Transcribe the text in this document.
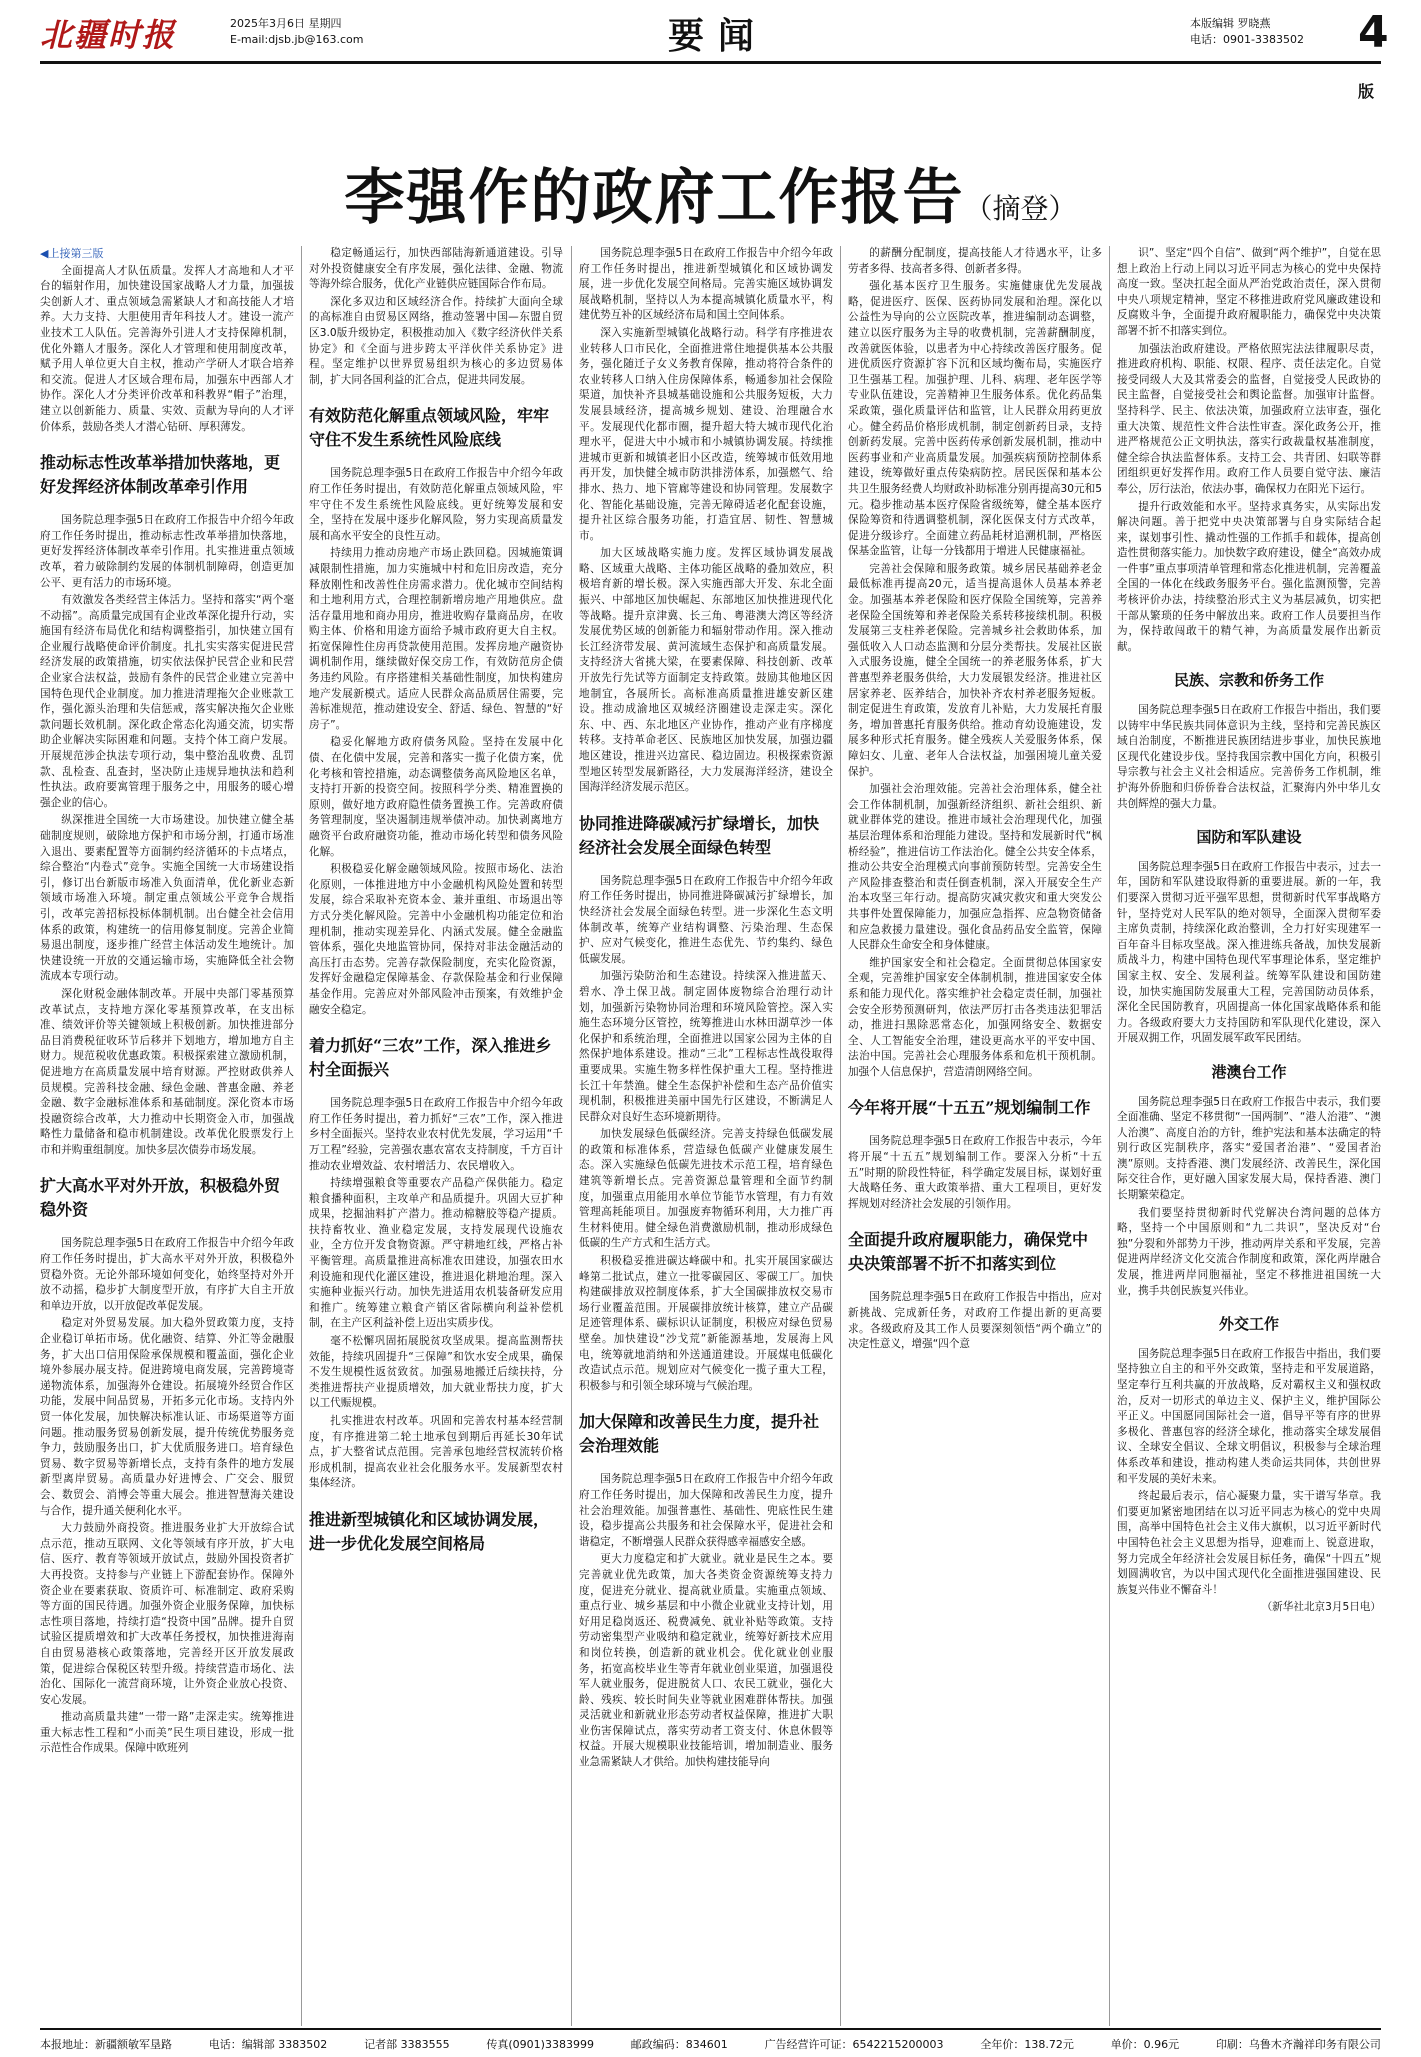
北疆时报	2025年3月6日 星期四
E-mail:djsb.jb@163.com	要闻	本版编辑 罗晓燕
电话：0901-3383502 4版
李强作的政府工作报告（摘登）
◀上接第三版

全面提高人才队伍质量。发挥人才高地和人才平台的辐射作用，加快建设国家战略人才力量，加强拔尖创新人才、重点领域急需紧缺人才和高技能人才培养。大力支持、大胆使用青年科技人才。建设一流产业技术工人队伍。完善海外引进人才支持保障机制，优化外籍人才服务。深化人才管理和使用制度改革，赋予用人单位更大自主权，推动产学研人才联合培养和交流。促进人才区域合理布局，加强东中西部人才协作。深化人才分类评价改革和科教界“帽子”治理，建立以创新能力、质量、实效、贡献为导向的人才评价体系，鼓励各类人才潜心钻研、厚积薄发。

推动标志性改革举措加快落地，更好发挥经济体制改革牵引作用

国务院总理李强5日在政府工作报告中介绍今年政府工作任务时提出，推动标志性改革举措加快落地，更好发挥经济体制改革牵引作用。扎实推进重点领域改革，着力破除制约发展的体制机制障碍，创造更加公平、更有活力的市场环境。

有效激发各类经营主体活力。坚持和落实“两个毫不动摇”。高质量完成国有企业改革深化提升行动，实施国有经济布局优化和结构调整指引，加快建立国有企业履行战略使命评价制度。扎扎实实落实促进民营经济发展的政策措施，切实依法保护民营企业和民营企业家合法权益，鼓励有条件的民营企业建立完善中国特色现代企业制度。加力推进清理拖欠企业账款工作，强化源头治理和失信惩戒，落实解决拖欠企业账款问题长效机制。深化政企常态化沟通交流，切实帮助企业解决实际困难和问题。支持个体工商户发展。开展规范涉企执法专项行动，集中整治乱收费、乱罚款、乱检查、乱查封，坚决防止违规异地执法和趋利性执法。政府要寓管理于服务之中，用服务的暖心增强企业的信心。

纵深推进全国统一大市场建设。加快建立健全基础制度规则，破除地方保护和市场分割，打通市场准入退出、要素配置等方面制约经济循环的卡点堵点，综合整治“内卷式”竞争。实施全国统一大市场建设指引，修订出台新版市场准入负面清单，优化新业态新领域市场准入环境。制定重点领域公平竞争合规指引，改革完善招标投标体制机制。出台健全社会信用体系的政策，构建统一的信用修复制度。完善企业简易退出制度，逐步推广经营主体活动发生地统计。加快建设统一开放的交通运输市场，实施降低全社会物流成本专项行动。

深化财税金融体制改革。开展中央部门零基预算改革试点，支持地方深化零基预算改革，在支出标准、绩效评价等关键领域上积极创新。加快推进部分品目消费税征收环节后移并下划地方，增加地方自主财力。规范税收优惠政策。积极探索建立激励机制，促进地方在高质量发展中培育财源。严控财政供养人员规模。完善科技金融、绿色金融、普惠金融、养老金融、数字金融标准体系和基础制度。深化资本市场投融资综合改革，大力推动中长期资金入市，加强战略性力量储备和稳市机制建设。改革优化股票发行上市和并购重组制度。加快多层次债券市场发展。

扩大高水平对外开放，积极稳外贸稳外资

国务院总理李强5日在政府工作报告中介绍今年政府工作任务时提出，扩大高水平对外开放，积极稳外贸稳外资。无论外部环境如何变化，始终坚持对外开放不动摇，稳步扩大制度型开放，有序扩大自主开放和单边开放，以开放促改革促发展。

稳定对外贸易发展。加大稳外贸政策力度，支持企业稳订单拓市场。优化融资、结算、外汇等金融服务，扩大出口信用保险承保规模和覆盖面，强化企业境外参展办展支持。促进跨境电商发展，完善跨境寄递物流体系，加强海外仓建设。拓展境外经贸合作区功能，发展中间品贸易，开拓多元化市场。支持内外贸一体化发展，加快解决标准认证、市场渠道等方面问题。推动服务贸易创新发展，提升传统优势服务竞争力，鼓励服务出口，扩大优质服务进口。培育绿色贸易、数字贸易等新增长点，支持有条件的地方发展新型离岸贸易。高质量办好进博会、广交会、服贸会、数贸会、消博会等重大展会。推进智慧海关建设与合作，提升通关便利化水平。

大力鼓励外商投资。推进服务业扩大开放综合试点示范，推动互联网、文化等领域有序开放，扩大电信、医疗、教育等领域开放试点，鼓励外国投资者扩大再投资。支持参与产业链上下游配套协作。保障外资企业在要素获取、资质许可、标准制定、政府采购等方面的国民待遇。加强外资企业服务保障，加快标志性项目落地，持续打造“投资中国”品牌。提升自贸试验区提质增效和扩大改革任务授权，加快推进海南自由贸易港核心政策落地，完善经开区开放发展政策，促进综合保税区转型升级。持续营造市场化、法治化、国际化一流营商环境，让外资企业放心投资、安心发展。

推动高质量共建“一带一路”走深走实。统筹推进重大标志性工程和“小而美”民生项目建设，形成一批示范性合作成果。保障中欧班列

稳定畅通运行，加快西部陆海新通道建设。引导对外投资健康安全有序发展，强化法律、金融、物流等海外综合服务，优化产业链供应链国际合作布局。

深化多双边和区域经济合作。持续扩大面向全球的高标准自由贸易区网络，推动签署中国—东盟自贸区3.0版升级协定，积极推动加入《数字经济伙伴关系协定》和《全面与进步跨太平洋伙伴关系协定》进程。坚定维护以世界贸易组织为核心的多边贸易体制，扩大同各国利益的汇合点，促进共同发展。

有效防范化解重点领域风险，牢牢守住不发生系统性风险底线

国务院总理李强5日在政府工作报告中介绍今年政府工作任务时提出，有效防范化解重点领域风险，牢牢守住不发生系统性风险底线。更好统筹发展和安全，坚持在发展中逐步化解风险，努力实现高质量发展和高水平安全的良性互动。

持续用力推动房地产市场止跌回稳。因城施策调减限制性措施，加力实施城中村和危旧房改造，充分释放刚性和改善性住房需求潜力。优化城市空间结构和土地利用方式，合理控制新增房地产用地供应。盘活存量用地和商办用房，推进收购存量商品房，在收购主体、价格和用途方面给予城市政府更大自主权。拓宽保障性住房再贷款使用范围。发挥房地产融资协调机制作用，继续做好保交房工作，有效防范房企债务违约风险。有序搭建相关基础性制度，加快构建房地产发展新模式。适应人民群众高品质居住需要，完善标准规范，推动建设安全、舒适、绿色、智慧的“好房子”。

稳妥化解地方政府债务风险。坚持在发展中化债、在化债中发展，完善和落实一揽子化债方案，优化考核和管控措施，动态调整债务高风险地区名单，支持打开新的投资空间。按照科学分类、精准置换的原则，做好地方政府隐性债务置换工作。完善政府债务管理制度，坚决遏制违规举债冲动。加快剥离地方融资平台政府融资功能，推动市场化转型和债务风险化解。

积极稳妥化解金融领域风险。按照市场化、法治化原则，一体推进地方中小金融机构风险处置和转型发展，综合采取补充资本金、兼并重组、市场退出等方式分类化解风险。完善中小金融机构功能定位和治理机制，推动实现差异化、内涵式发展。健全金融监管体系，强化央地监管协同，保持对非法金融活动的高压打击态势。完善存款保险制度，充实化险资源，发挥好金融稳定保障基金、存款保险基金和行业保障基金作用。完善应对外部风险冲击预案，有效维护金融安全稳定。

着力抓好“三农”工作，深入推进乡村全面振兴

国务院总理李强5日在政府工作报告中介绍今年政府工作任务时提出，着力抓好“三农”工作，深入推进乡村全面振兴。坚持农业农村优先发展，学习运用“千万工程”经验，完善强农惠农富农支持制度，千方百计推动农业增效益、农村增活力、农民增收入。

持续增强粮食等重要农产品稳产保供能力。稳定粮食播种面积，主攻单产和品质提升。巩固大豆扩种成果，挖掘油料扩产潜力。推动棉糖胶等稳产提质。扶持畜牧业、渔业稳定发展，支持发展现代设施农业，全方位开发食物资源。严守耕地红线，严格占补平衡管理。高质量推进高标准农田建设，加强农田水利设施和现代化灌区建设，推进退化耕地治理。深入实施种业振兴行动。加快先进适用农机装备研发应用和推广。统筹建立粮食产销区省际横向利益补偿机制，在主产区利益补偿上迈出实质步伐。

毫不松懈巩固拓展脱贫攻坚成果。提高监测帮扶效能，持续巩固提升“三保障”和饮水安全成果，确保不发生规模性返贫致贫。加强易地搬迁后续扶持，分类推进帮扶产业提质增效，加大就业帮扶力度，扩大以工代赈规模。

扎实推进农村改革。巩固和完善农村基本经营制度，有序推进第二轮土地承包到期后再延长30年试点，扩大整省试点范围。完善承包地经营权流转价格形成机制，提高农业社会化服务水平。发展新型农村集体经济。

推进新型城镇化和区域协调发展，进一步优化发展空间格局

国务院总理李强5日在政府工作报告中介绍今年政府工作任务时提出，推进新型城镇化和区域协调发展，进一步优化发展空间格局。完善实施区域协调发展战略机制，坚持以人为本提高城镇化质量水平，构建优势互补的区域经济布局和国土空间体系。

深入实施新型城镇化战略行动。科学有序推进农业转移人口市民化，全面推进常住地提供基本公共服务，强化随迁子女义务教育保障，推动将符合条件的农业转移人口纳入住房保障体系，畅通参加社会保险渠道，加快补齐县城基础设施和公共服务短板，大力发展县域经济，提高城乡规划、建设、治理融合水平。发展现代化都市圈，提升超大特大城市现代化治理水平，促进大中小城市和小城镇协调发展。持续推进城市更新和城镇老旧小区改造，统筹城市低效用地再开发，加快健全城市防洪排涝体系，加强燃气、给排水、热力、地下管廊等建设和协同管理。发展数字化、智能化基础设施，完善无障碍适老化配套设施，提升社区综合服务功能，打造宜居、韧性、智慧城市。

加大区域战略实施力度。发挥区域协调发展战略、区域重大战略、主体功能区战略的叠加效应，积极培育新的增长极。深入实施西部大开发、东北全面振兴、中部地区加快崛起、东部地区加快推进现代化等战略。提升京津冀、长三角、粤港澳大湾区等经济发展优势区域的创新能力和辐射带动作用。深入推动长江经济带发展、黄河流域生态保护和高质量发展。支持经济大省挑大梁，在要素保障、科技创新、改革开放先行先试等方面制定支持政策。鼓励其他地区因地制宜，各展所长。高标准高质量推进雄安新区建设。推动成渝地区双城经济圈建设走深走实。深化东、中、西、东北地区产业协作，推动产业有序梯度转移。支持革命老区、民族地区加快发展，加强边疆地区建设，推进兴边富民、稳边固边。积极探索资源型地区转型发展新路径，大力发展海洋经济，建设全国海洋经济发展示范区。

协同推进降碳减污扩绿增长，加快经济社会发展全面绿色转型

国务院总理李强5日在政府工作报告中介绍今年政府工作任务时提出，协同推进降碳减污扩绿增长，加快经济社会发展全面绿色转型。进一步深化生态文明体制改革，统筹产业结构调整、污染治理、生态保护、应对气候变化，推进生态优先、节约集约、绿色低碳发展。

加强污染防治和生态建设。持续深入推进蓝天、碧水、净土保卫战。制定固体废物综合治理行动计划，加强新污染物协同治理和环境风险管控。深入实施生态环境分区管控，统筹推进山水林田湖草沙一体化保护和系统治理，全面推进以国家公园为主体的自然保护地体系建设。推动“三北”工程标志性战役取得重要成果。实施生物多样性保护重大工程。坚持推进长江十年禁渔。健全生态保护补偿和生态产品价值实现机制，积极推进美丽中国先行区建设，不断满足人民群众对良好生态环境新期待。

加快发展绿色低碳经济。完善支持绿色低碳发展的政策和标准体系，营造绿色低碳产业健康发展生态。深入实施绿色低碳先进技术示范工程，培育绿色建筑等新增长点。完善资源总量管理和全面节约制度，加强重点用能用水单位节能节水管理，有力有效管理高耗能项目。加强废弃物循环利用，大力推广再生材料使用。健全绿色消费激励机制，推动形成绿色低碳的生产方式和生活方式。

积极稳妥推进碳达峰碳中和。扎实开展国家碳达峰第二批试点，建立一批零碳园区、零碳工厂。加快构建碳排放双控制度体系，扩大全国碳排放权交易市场行业覆盖范围。开展碳排放统计核算，建立产品碳足迹管理体系、碳标识认证制度，积极应对绿色贸易壁垒。加快建设“沙戈荒”新能源基地，发展海上风电，统筹就地消纳和外送通道建设。开展煤电低碳化改造试点示范。规划应对气候变化一揽子重大工程，积极参与和引领全球环境与气候治理。

加大保障和改善民生力度，提升社会治理效能

国务院总理李强5日在政府工作报告中介绍今年政府工作任务时提出，加大保障和改善民生力度，提升社会治理效能。加强普惠性、基础性、兜底性民生建设，稳步提高公共服务和社会保障水平，促进社会和谐稳定，不断增强人民群众获得感幸福感安全感。

更大力度稳定和扩大就业。就业是民生之本。要完善就业优先政策，加大各类资金资源统筹支持力度，促进充分就业、提高就业质量。实施重点领域、重点行业、城乡基层和中小微企业就业支持计划，用好用足稳岗返还、税费减免、就业补贴等政策。支持劳动密集型产业吸纳和稳定就业，统筹好新技术应用和岗位转换，创造新的就业机会。优化就业创业服务，拓宽高校毕业生等青年就业创业渠道，加强退役军人就业服务，促进脱贫人口、农民工就业，强化大龄、残疾、较长时间失业等就业困难群体帮扶。加强灵活就业和新就业形态劳动者权益保障，推进扩大职业伤害保障试点，落实劳动者工资支付、休息休假等权益。开展大规模职业技能培训，增加制造业、服务业急需紧缺人才供给。加快构建技能导向

的薪酬分配制度，提高技能人才待遇水平，让多劳者多得、技高者多得、创新者多得。

强化基本医疗卫生服务。实施健康优先发展战略，促进医疗、医保、医药协同发展和治理。深化以公益性为导向的公立医院改革，推进编制动态调整，建立以医疗服务为主导的收费机制，完善薪酬制度，改善就医体验，以患者为中心持续改善医疗服务。促进优质医疗资源扩容下沉和区域均衡布局，实施医疗卫生强基工程。加强护理、儿科、病理、老年医学等专业队伍建设，完善精神卫生服务体系。优化药品集采政策，强化质量评估和监管，让人民群众用药更放心。健全药品价格形成机制，制定创新药目录，支持创新药发展。完善中医药传承创新发展机制，推动中医药事业和产业高质量发展。加强疾病预防控制体系建设，统筹做好重点传染病防控。居民医保和基本公共卫生服务经费人均财政补助标准分别再提高30元和5元。稳步推动基本医疗保险省级统筹，健全基本医疗保险筹资和待遇调整机制，深化医保支付方式改革，促进分级诊疗。全面建立药品耗材追溯机制，严格医保基金监管，让每一分钱都用于增进人民健康福祉。

完善社会保障和服务政策。城乡居民基础养老金最低标准再提高20元，适当提高退休人员基本养老金。加强基本养老保险和医疗保险全国统筹，完善养老保险全国统筹和养老保险关系转移接续机制。积极发展第三支柱养老保险。完善城乡社会救助体系，加强低收入人口动态监测和分层分类帮扶。发展社区嵌入式服务设施，健全全国统一的养老服务体系，扩大普惠型养老服务供给，大力发展银发经济。推进社区居家养老、医养结合，加快补齐农村养老服务短板。制定促进生育政策，发放育儿补贴，大力发展托育服务，增加普惠托育服务供给。推动育幼设施建设，发展多种形式托育服务。健全残疾人关爱服务体系，保障妇女、儿童、老年人合法权益，加强困境儿童关爱保护。

加强社会治理效能。完善社会治理体系，健全社会工作体制机制，加强新经济组织、新社会组织、新就业群体党的建设。推进市域社会治理现代化，加强基层治理体系和治理能力建设。坚持和发展新时代“枫桥经验”，推进信访工作法治化。健全公共安全体系，推动公共安全治理模式向事前预防转型。完善安全生产风险排查整治和责任倒查机制，深入开展安全生产治本攻坚三年行动。提高防灾减灾救灾和重大突发公共事件处置保障能力，加强应急指挥、应急物资储备和应急救援力量建设。强化食品药品安全监管，保障人民群众生命安全和身体健康。

维护国家安全和社会稳定。全面贯彻总体国家安全观，完善维护国家安全体制机制，推进国家安全体系和能力现代化。落实维护社会稳定责任制，加强社会安全形势预测研判，依法严厉打击各类违法犯罪活动，推进扫黑除恶常态化，加强网络安全、数据安全、人工智能安全治理，建设更高水平的平安中国、法治中国。完善社会心理服务体系和危机干预机制。加强个人信息保护，营造清朗网络空间。

今年将开展“十五五”规划编制工作

国务院总理李强5日在政府工作报告中表示，今年将开展“十五五”规划编制工作。要深入分析“十五五”时期的阶段性特征，科学确定发展目标，谋划好重大战略任务、重大政策举措、重大工程项目，更好发挥规划对经济社会发展的引领作用。

全面提升政府履职能力，确保党中央决策部署不折不扣落实到位

国务院总理李强5日在政府工作报告中指出，应对新挑战、完成新任务，对政府工作提出新的更高要求。各级政府及其工作人员要深刻领悟“两个确立”的决定性意义，增强“四个意

识”、坚定“四个自信”、做到“两个维护”，自觉在思想上政治上行动上同以习近平同志为核心的党中央保持高度一致。坚决扛起全面从严治党政治责任，深入贯彻中央八项规定精神，坚定不移推进政府党风廉政建设和反腐败斗争，全面提升政府履职能力，确保党中央决策部署不折不扣落实到位。

加强法治政府建设。严格依照宪法法律履职尽责，推进政府机构、职能、权限、程序、责任法定化。自觉接受同级人大及其常委会的监督，自觉接受人民政协的民主监督，自觉接受社会和舆论监督。加强审计监督。坚持科学、民主、依法决策，加强政府立法审查，强化重大决策、规范性文件合法性审查。深化政务公开，推进严格规范公正文明执法，落实行政裁量权基准制度，健全综合执法监督体系。支持工会、共青团、妇联等群团组织更好发挥作用。政府工作人员要自觉守法、廉洁奉公，厉行法治，依法办事，确保权力在阳光下运行。

提升行政效能和水平。坚持求真务实，从实际出发解决问题。善于把党中央决策部署与自身实际结合起来，谋划事引性、撬动性强的工作抓手和载体，提高创造性贯彻落实能力。加快数字政府建设，健全“高效办成一件事”重点事项清单管理和常态化推进机制，完善覆盖全国的一体化在线政务服务平台。强化监测预警，完善考核评价办法，持续整治形式主义为基层减负，切实把干部从繁琐的任务中解放出来。政府工作人员要担当作为，保持敢闯敢干的精气神，为高质量发展作出新贡献。

民族、宗教和侨务工作

国务院总理李强5日在政府工作报告中指出，我们要以铸牢中华民族共同体意识为主线，坚持和完善民族区域自治制度，不断推进民族团结进步事业，加快民族地区现代化建设步伐。坚持我国宗教中国化方向，积极引导宗教与社会主义社会相适应。完善侨务工作机制，维护海外侨胞和归侨侨眷合法权益，汇聚海内外中华儿女共创辉煌的强大力量。

国防和军队建设

国务院总理李强5日在政府工作报告中表示，过去一年，国防和军队建设取得新的重要进展。新的一年，我们要深入贯彻习近平强军思想，贯彻新时代军事战略方针，坚持党对人民军队的绝对领导，全面深入贯彻军委主席负责制，持续深化政治整训，全力打好实现建军一百年奋斗目标攻坚战。深入推进练兵备战，加快发展新质战斗力，构建中国特色现代军事理论体系，坚定维护国家主权、安全、发展利益。统筹军队建设和国防建设，加快实施国防发展重大工程，完善国防动员体系，深化全民国防教育，巩固提高一体化国家战略体系和能力。各级政府要大力支持国防和军队现代化建设，深入开展双拥工作，巩固发展军政军民团结。

港澳台工作

国务院总理李强5日在政府工作报告中表示，我们要全面准确、坚定不移贯彻“一国两制”、“港人治港”、“澳人治澳”、高度自治的方针，维护宪法和基本法确定的特别行政区宪制秩序，落实“爱国者治港”、“爱国者治澳”原则。支持香港、澳门发展经济、改善民生，深化国际交往合作，更好融入国家发展大局，保持香港、澳门长期繁荣稳定。

我们要坚持贯彻新时代党解决台湾问题的总体方略，坚持一个中国原则和“九二共识”，坚决反对“台独”分裂和外部势力干涉，推动两岸关系和平发展，完善促进两岸经济文化交流合作制度和政策，深化两岸融合发展，推进两岸同胞福祉，坚定不移推进祖国统一大业，携手共创民族复兴伟业。

外交工作

国务院总理李强5日在政府工作报告中指出，我们要坚持独立自主的和平外交政策，坚持走和平发展道路，坚定奉行互利共赢的开放战略，反对霸权主义和强权政治，反对一切形式的单边主义、保护主义，维护国际公平正义。中国愿同国际社会一道，倡导平等有序的世界多极化、普惠包容的经济全球化，推动落实全球发展倡议、全球安全倡议、全球文明倡议，积极参与全球治理体系改革和建设，推动构建人类命运共同体，共创世界和平发展的美好未来。

终起最后表示，信心凝聚力量，实干谱写华章。我们要更加紧密地团结在以习近平同志为核心的党中央周围，高举中国特色社会主义伟大旗帜，以习近平新时代中国特色社会主义思想为指导，迎难而上、锐意进取，努力完成全年经济社会发展目标任务，确保“十四五”规划圆满收官，为以中国式现代化全面推进强国建设、民族复兴伟业不懈奋斗！

（新华社北京3月5日电）

本报地址：新疆额敏军垦路	电话：编辑部 3383502	记者部 3383555	传真(0901)3383999	邮政编码：834601	广告经营许可证：6542215200003	全年价：138.72元	单价：0.96元	印刷：乌鲁木齐瀚祥印务有限公司
